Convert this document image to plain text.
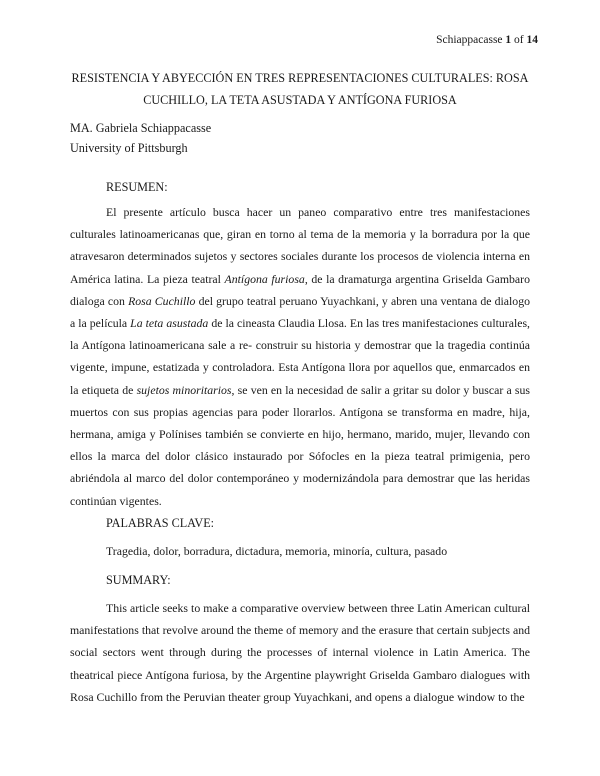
Schiappacasse 1 of 14
RESISTENCIA Y ABYECCIÓN EN TRES REPRESENTACIONES CULTURALES: ROSA
CUCHILLO, LA TETA ASUSTADA Y ANTÍGONA FURIOSA
MA. Gabriela Schiappacasse
University of Pittsburgh
RESUMEN:

El presente artículo busca hacer un paneo comparativo entre tres manifestaciones culturales latinoamericanas que, giran en torno al tema de la memoria y la borradura por la que atravesaron determinados sujetos y sectores sociales durante los procesos de violencia interna en América latina. La pieza teatral Antígona furiosa, de la dramaturga argentina Griselda Gambaro dialoga con Rosa Cuchillo del grupo teatral peruano Yuyachkani, y abren una ventana de dialogo a la película La teta asustada de la cineasta Claudia Llosa. En las tres manifestaciones culturales, la Antígona latinoamericana sale a re- construir su historia y demostrar que la tragedia continúa vigente, impune, estatizada y controladora. Esta Antígona llora por aquellos que, enmarcados en la etiqueta de sujetos minoritarios, se ven en la necesidad de salir a gritar su dolor y buscar a sus muertos con sus propias agencias para poder llorarlos. Antígona se transforma en madre, hija, hermana, amiga y Polínises también se convierte en hijo, hermano, marido, mujer, llevando con ellos la marca del dolor clásico instaurado por Sófocles en la pieza teatral primigenia, pero abriéndola al marco del dolor contemporáneo y modernizándola para demostrar que las heridas continúan vigentes.

PALABRAS CLAVE:
Tragedia, dolor, borradura, dictadura, memoria, minoría, cultura, pasado
SUMMARY:

This article seeks to make a comparative overview between three Latin American cultural manifestations that revolve around the theme of memory and the erasure that certain subjects and social sectors went through during the processes of internal violence in Latin America. The theatrical piece Antígona furiosa, by the Argentine playwright Griselda Gambaro dialogues with Rosa Cuchillo from the Peruvian theater group Yuyachkani, and opens a dialogue window to the
